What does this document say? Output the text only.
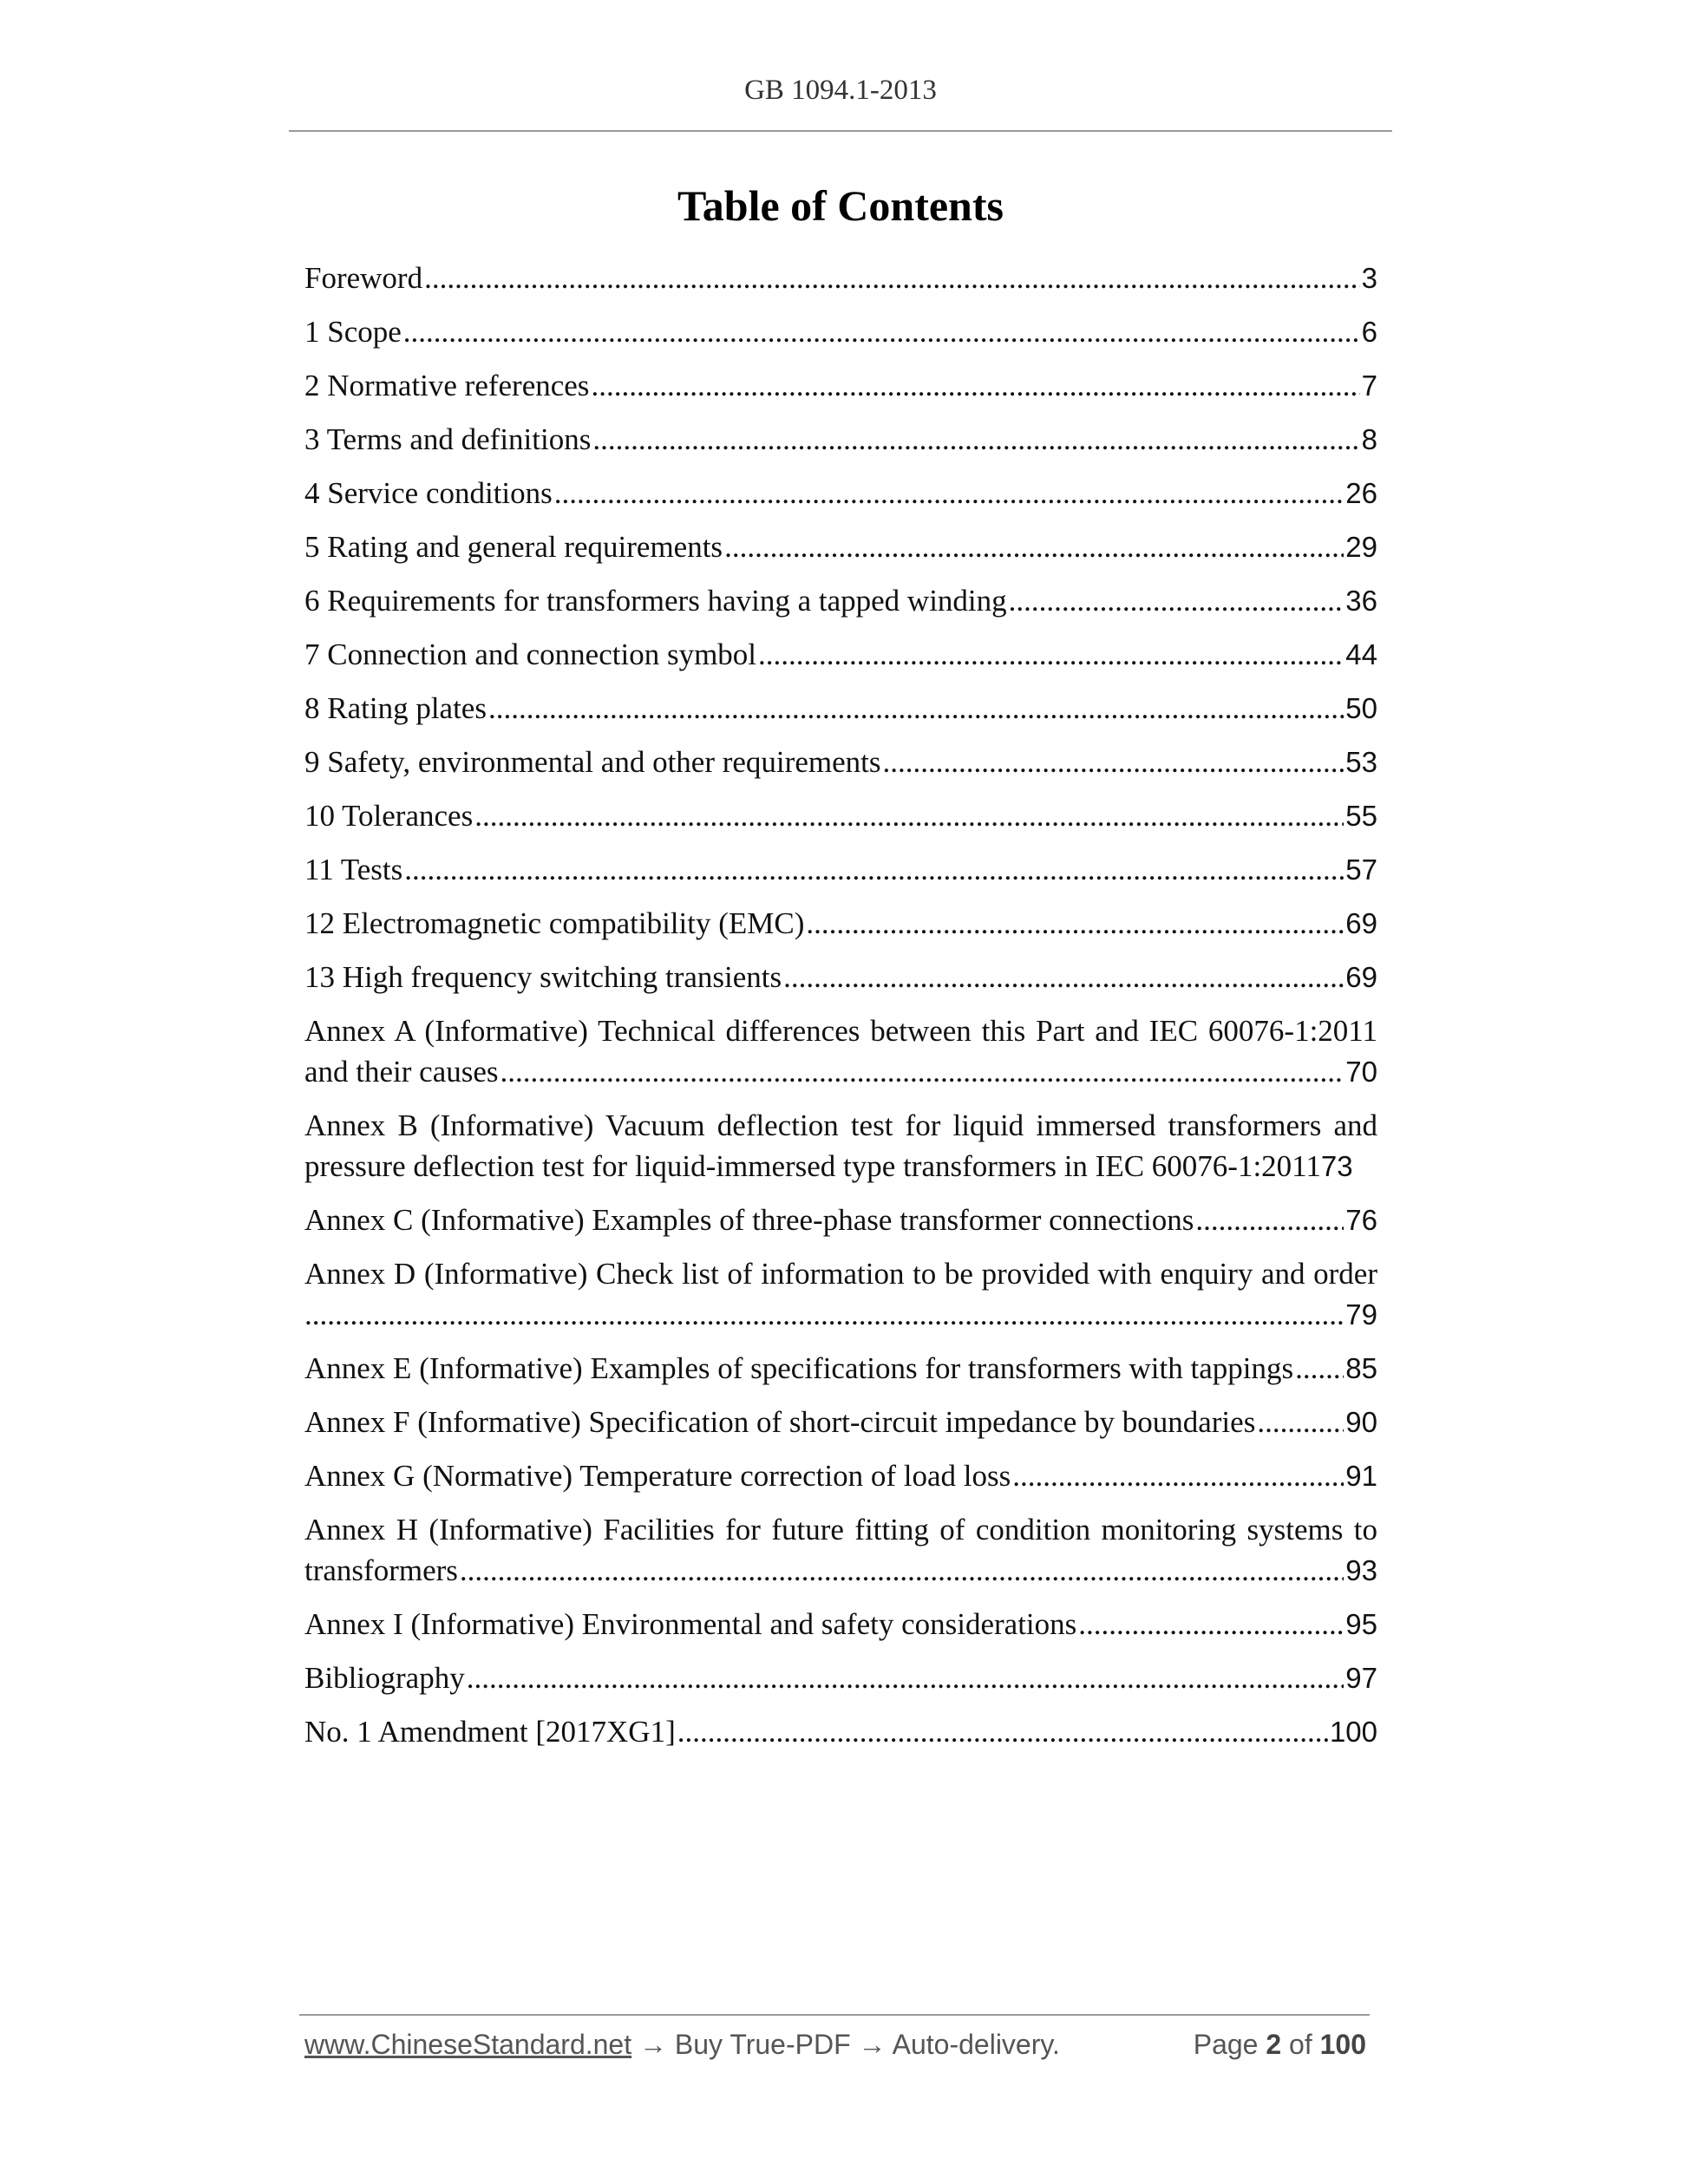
GB 1094.1-2013
Table of Contents
Foreword .....	3
1 Scope .....	6
2 Normative references .....	7
3 Terms and definitions .....	8
4 Service conditions .....	26
5 Rating and general requirements .....	29
6 Requirements for transformers having a tapped winding .....	36
7 Connection and connection symbol .....	44
8 Rating plates .....	50
9 Safety, environmental and other requirements .....	53
10 Tolerances .....	55
11 Tests .....	57
12 Electromagnetic compatibility (EMC) .....	69
13 High frequency switching transients .....	69
Annex A (Informative) Technical differences between this Part and IEC 60076-1:2011
and their causes .....	70
Annex B (Informative) Vacuum deflection test for liquid immersed transformers and
pressure deflection test for liquid-immersed type transformers in IEC 60076-1:2011 73
Annex C (Informative) Examples of three-phase transformer connections .....	76
Annex D (Informative) Check list of information to be provided with enquiry and order
.....
79
Annex E (Informative) Examples of specifications for transformers with tappings ..... 85
Annex F (Informative) Specification of short-circuit impedance by boundaries .....	90
Annex G (Normative) Temperature correction of load loss .....	91
Annex H (Informative) Facilities for future fitting of condition monitoring systems to
transformers .....	93
Annex I (Informative) Environmental and safety considerations .....	95
Bibliography .....	97
No. 1 Amendment [2017XG1] .....	100
www.ChineseStandard.net → Buy True-PDF → Auto-delivery.	Page 2 of 100
